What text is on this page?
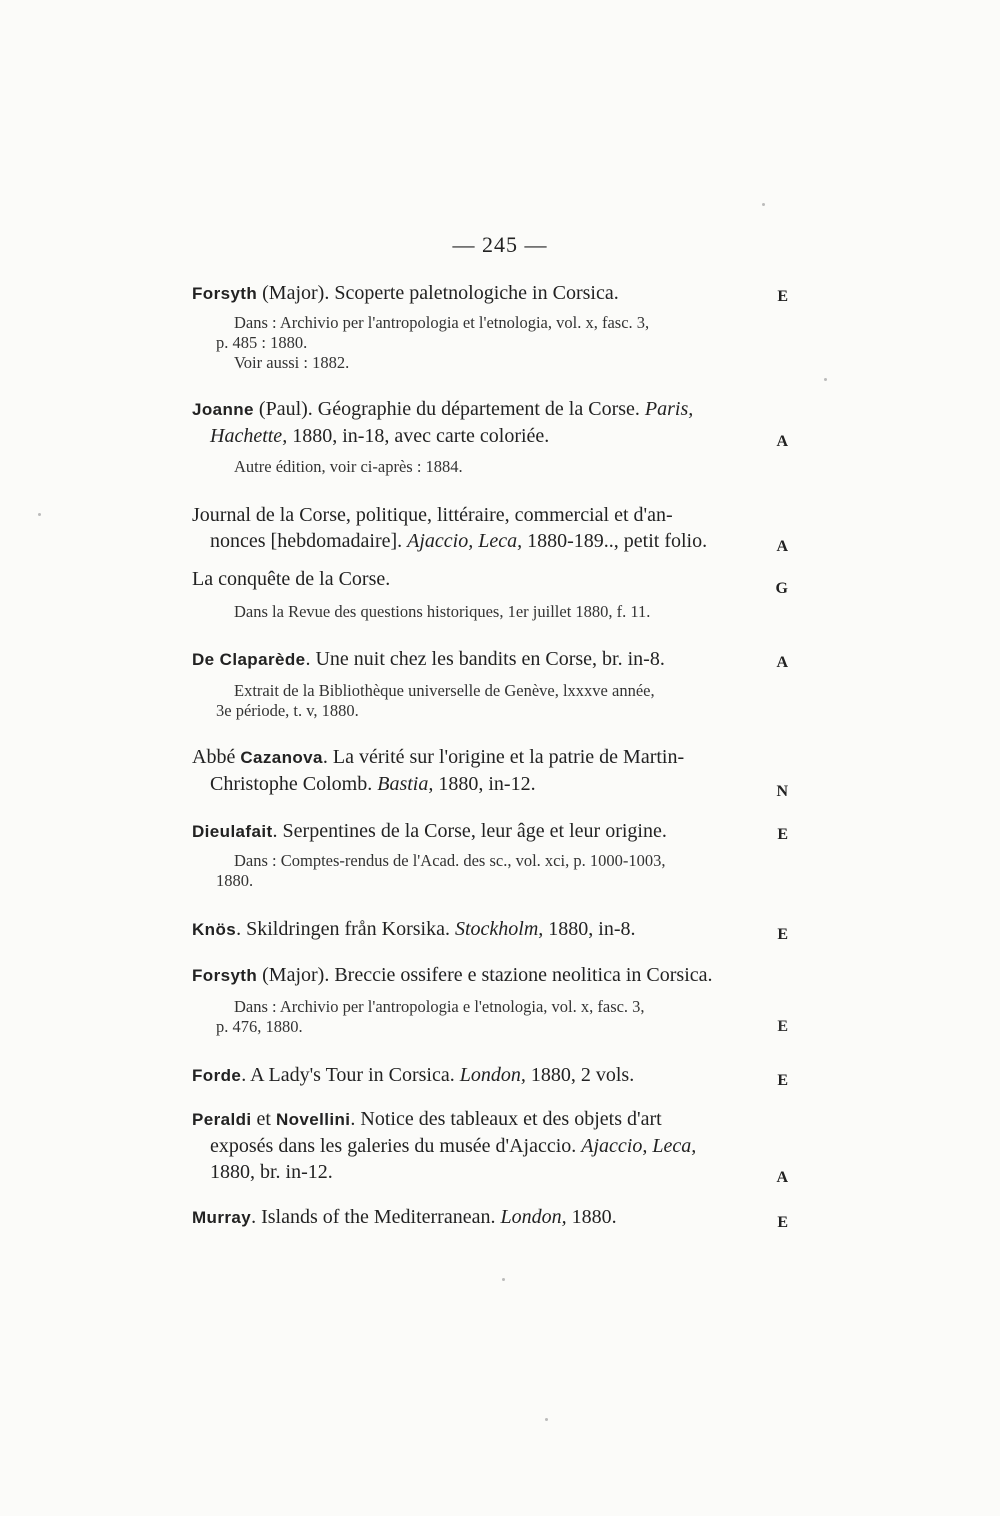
— 245 —
Forsyth (Major). Scoperte paletnologiche in Corsica.	E
Dans : Archivio per l'antropologia et l'etnologia, vol. x, fasc. 3,
p. 485 : 1880.
Voir aussi : 1882.
Joanne (Paul). Géographie du département de la Corse. Paris,
Hachette, 1880, in-18, avec carte coloriée.	A
Autre édition, voir ci-après : 1884.
Journal de la Corse, politique, littéraire, commercial et d'an-
nonces [hebdomadaire]. Ajaccio, Leca, 1880-189.., petit folio.	A
La conquête de la Corse.	G
Dans la Revue des questions historiques, 1er juillet 1880, f. 11.
De Claparède. Une nuit chez les bandits en Corse, br. in-8.	A
Extrait de la Bibliothèque universelle de Genève, lxxxve année,
3e période, t. v, 1880.
Abbé Cazanova. La vérité sur l'origine et la patrie de Martin-
Christophe Colomb. Bastia, 1880, in-12.	N
Dieulafait. Serpentines de la Corse, leur âge et leur origine.	E
Dans : Comptes-rendus de l'Acad. des sc., vol. xci, p. 1000-1003,
1880.
Knös. Skildringen från Korsika. Stockholm, 1880, in-8.	E
Forsyth (Major). Breccie ossifere e stazione neolitica in Corsica.
Dans : Archivio per l'antropologia e l'etnologia, vol. x, fasc. 3,
p. 476, 1880.	E
Forde. A Lady's Tour in Corsica. London, 1880, 2 vols.	E
Peraldi et Novellini. Notice des tableaux et des objets d'art
exposés dans les galeries du musée d'Ajaccio. Ajaccio, Leca,
1880, br. in-12.	A
Murray. Islands of the Mediterranean. London, 1880.	E
